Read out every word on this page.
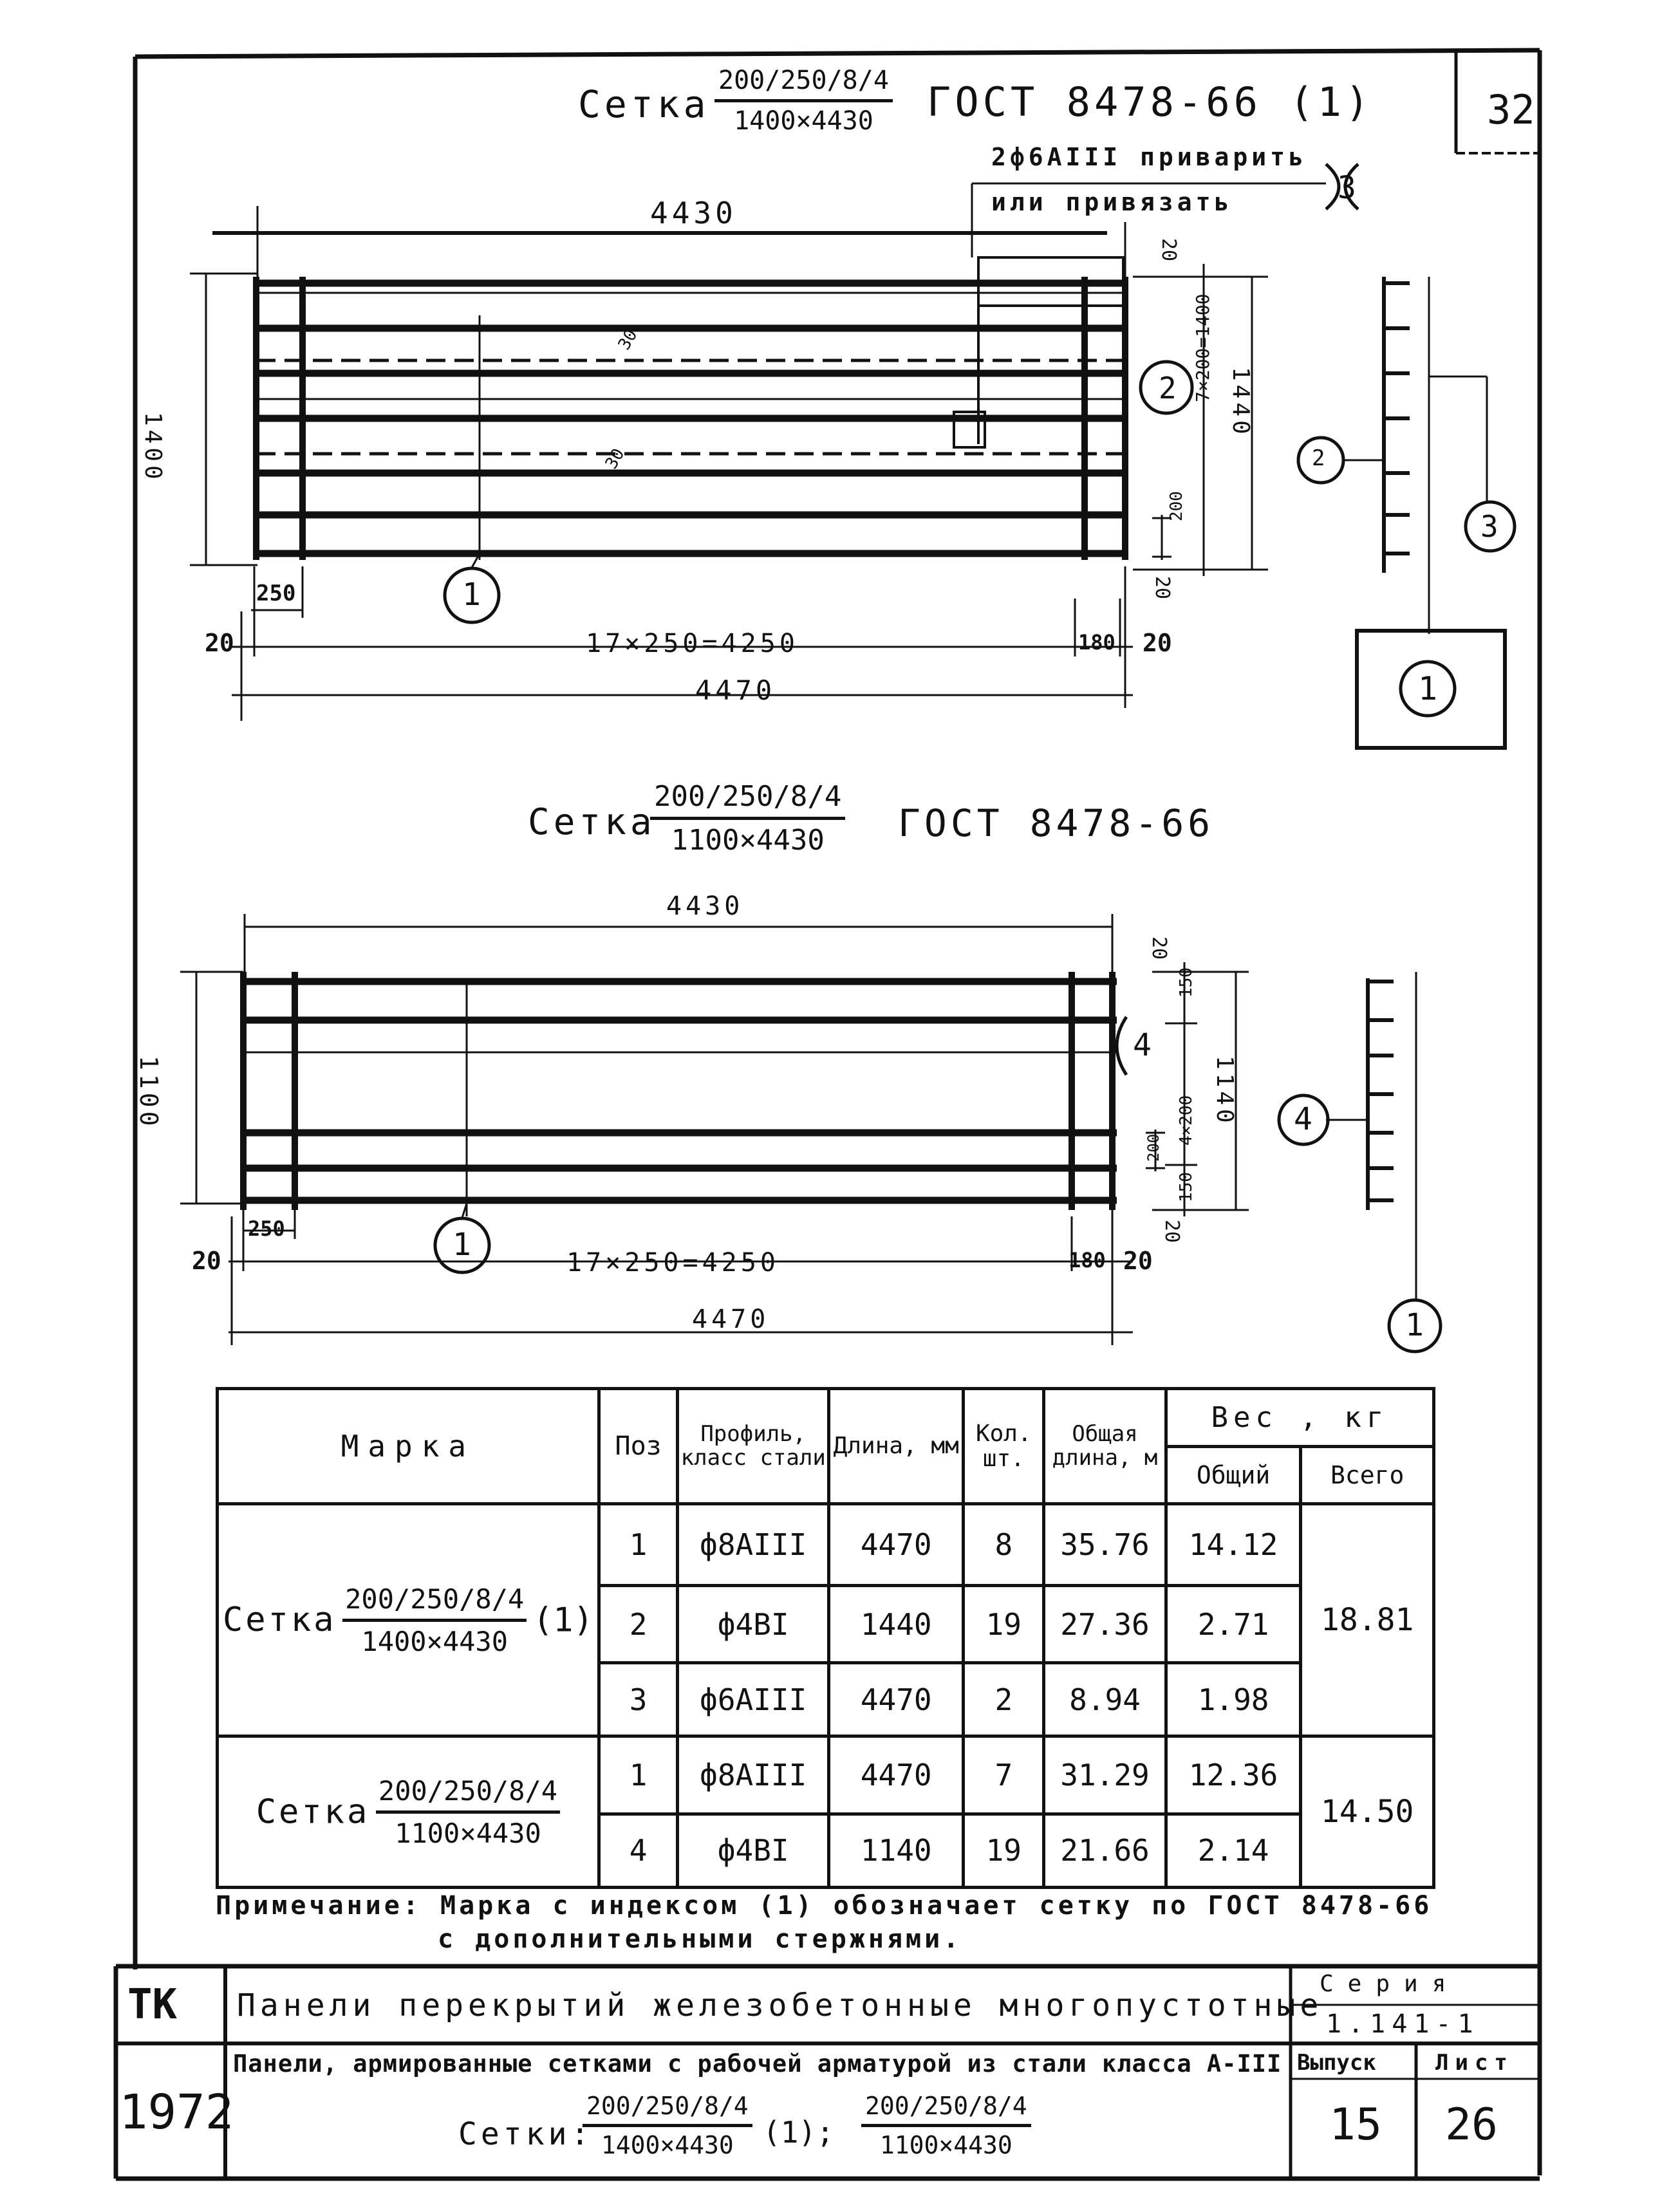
Сетка $\frac{200/250/8/4}{1400\times 4430}$ ГОСТ 8478-66 (1)	32
2ф6АIII приварить
или привязать	3
4430
1400
30
30
2
20
1440
7×200=1400
200
20
250	1
20	17×250=4250	180 20
4470
2
3
1
Сетка
$\frac{200/250/8/4}{1100\times 4430}$ ГОСТ 8478-66
4430
1100
4
20
150
4×200
200
150
1140
20
250	1
20	17×250=4250	180 20
4470
4
1
Марка	Поз	Профиль, класс стали	Длина, мм	Кол. шт.	Общая длина, м	Вес , кг	
						Общий	Всего
Сетка $\frac{200/250/8/4}{1400\times 4430} (1)$	1	ф8АIII	4470	8	35.76	14.12	18.81
	2	ф4ВI	1440	19	27.36	2.71	
	3	ф6АIII	4470	2	8.94	1.98	
Сетка $\frac{200/250/8/4}{1100\times 4430}$	1	ф8АIII	4470	7	31.29	12.36	14.50
	4	ф4ВI	1140	19	21.66	2.14	
Примечание: Марка с индексом (1) обозначает сетку по ГОСТ 8478-66
с дополнительными стержнями.
ТК
1972
Панели перекрытий железобетонные многопустотные
Серия
1.141-1
Панели, армированные сетками с рабочей арматурой из стали класса А-III
Сетки:
$\frac{200/250/8/4}{1400\times 4430} (1)$; $\frac{200/250/8/4}{1100\times 4430}$
Выпуск
15
Лист
26
